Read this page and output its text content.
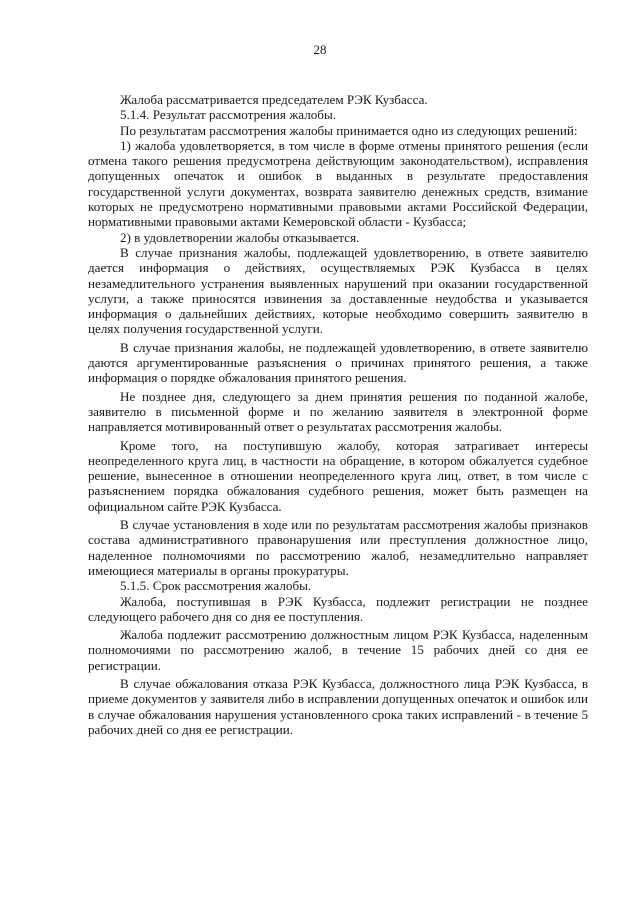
28

Жалоба рассматривается председателем РЭК Кузбасса.

5.1.4. Результат рассмотрения жалобы.

По результатам рассмотрения жалобы принимается одно из следующих решений:

1) жалоба удовлетворяется, в том числе в форме отмены принятого решения (если отмена такого решения предусмотрена действующим законодательством), исправления допущенных опечаток и ошибок в выданных в результате предоставления государственной услуги документах, возврата заявителю денежных средств, взимание которых не предусмотрено нормативными правовыми актами Российской Федерации, нормативными правовыми актами Кемеровской области - Кузбасса;

2) в удовлетворении жалобы отказывается.

В случае признания жалобы, подлежащей удовлетворению, в ответе заявителю дается информация о действиях, осуществляемых РЭК Кузбасса в целях незамедлительного устранения выявленных нарушений при оказании государственной услуги, а также приносятся извинения за доставленные неудобства и указывается информация о дальнейших действиях, которые необходимо совершить заявителю в целях получения государственной услуги.

В случае признания жалобы, не подлежащей удовлетворению, в ответе заявителю даются аргументированные разъяснения о причинах принятого решения, а также информация о порядке обжалования принятого решения.

Не позднее дня, следующего за днем принятия решения по поданной жалобе, заявителю в письменной форме и по желанию заявителя в электронной форме направляется мотивированный ответ о результатах рассмотрения жалобы.

Кроме того, на поступившую жалобу, которая затрагивает интересы неопределенного круга лиц, в частности на обращение, в котором обжалуется судебное решение, вынесенное в отношении неопределенного круга лиц, ответ, в том числе с разъяснением порядка обжалования судебного решения, может быть размещен на официальном сайте РЭК Кузбасса.

В случае установления в ходе или по результатам рассмотрения жалобы признаков состава административного правонарушения или преступления должностное лицо, наделенное полномочиями по рассмотрению жалоб, незамедлительно направляет имеющиеся материалы в органы прокуратуры.

5.1.5. Срок рассмотрения жалобы.

Жалоба, поступившая в РЭК Кузбасса, подлежит регистрации не позднее следующего рабочего дня со дня ее поступления.

Жалоба подлежит рассмотрению должностным лицом РЭК Кузбасса, наделенным полномочиями по рассмотрению жалоб, в течение 15 рабочих дней со дня ее регистрации.

В случае обжалования отказа РЭК Кузбасса, должностного лица РЭК Кузбасса, в приеме документов у заявителя либо в исправлении допущенных опечаток и ошибок или в случае обжалования нарушения установленного срока таких исправлений - в течение 5 рабочих дней со дня ее регистрации.
